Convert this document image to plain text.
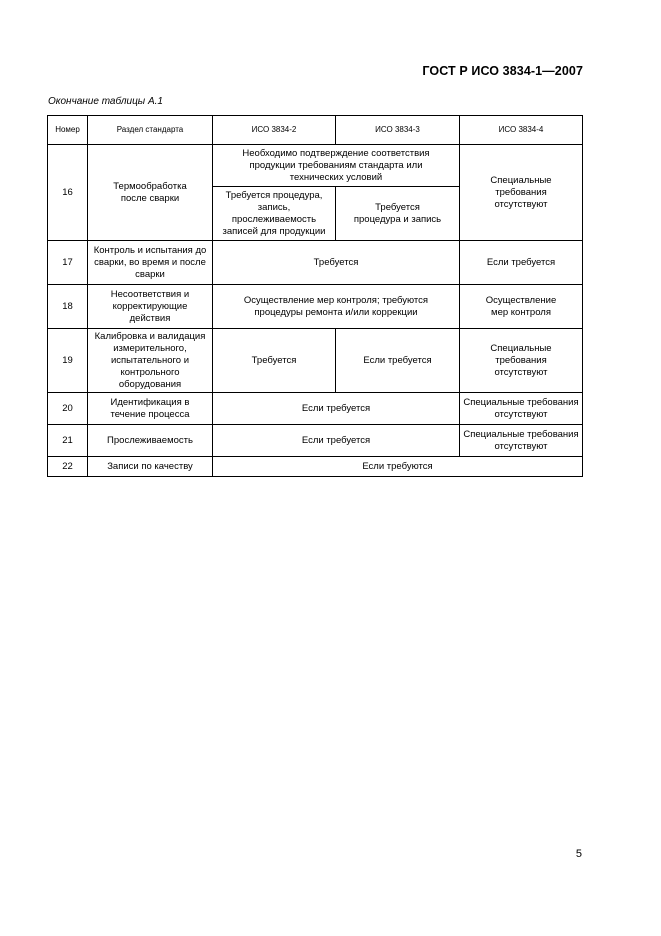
ГОСТ Р ИСО 3834-1—2007
Окончание таблицы А.1
Номер	Раздел стандарта	ИСО 3834-2	ИСО 3834-3	ИСО 3834-4
16	Термообработка после сварки	Необходимо подтверждение соответствия продукции требованиям стандарта или технических условий		Специальные требования отсутствуют
		Требуется процедура, запись, прослеживаемость записей для продукции	Требуется процедура и запись	
17	Контроль и испытания до сварки, во время и после сварки	Требуется		Если требуется
18	Несоответствия и корректирующие действия	Осуществление мер контроля; требуются процедуры ремонта и/или коррекции		Осуществление мер контроля
19	Калибровка и валидация измерительного, испытательного и контрольного оборудования	Требуется	Если требуется	Специальные требования отсутствуют
20	Идентификация в течение процесса	Если требуется		Специальные требования отсутствуют
21	Прослеживаемость	Если требуется		Специальные требования отсутствуют
22	Записи по качеству	Если требуются		
5
